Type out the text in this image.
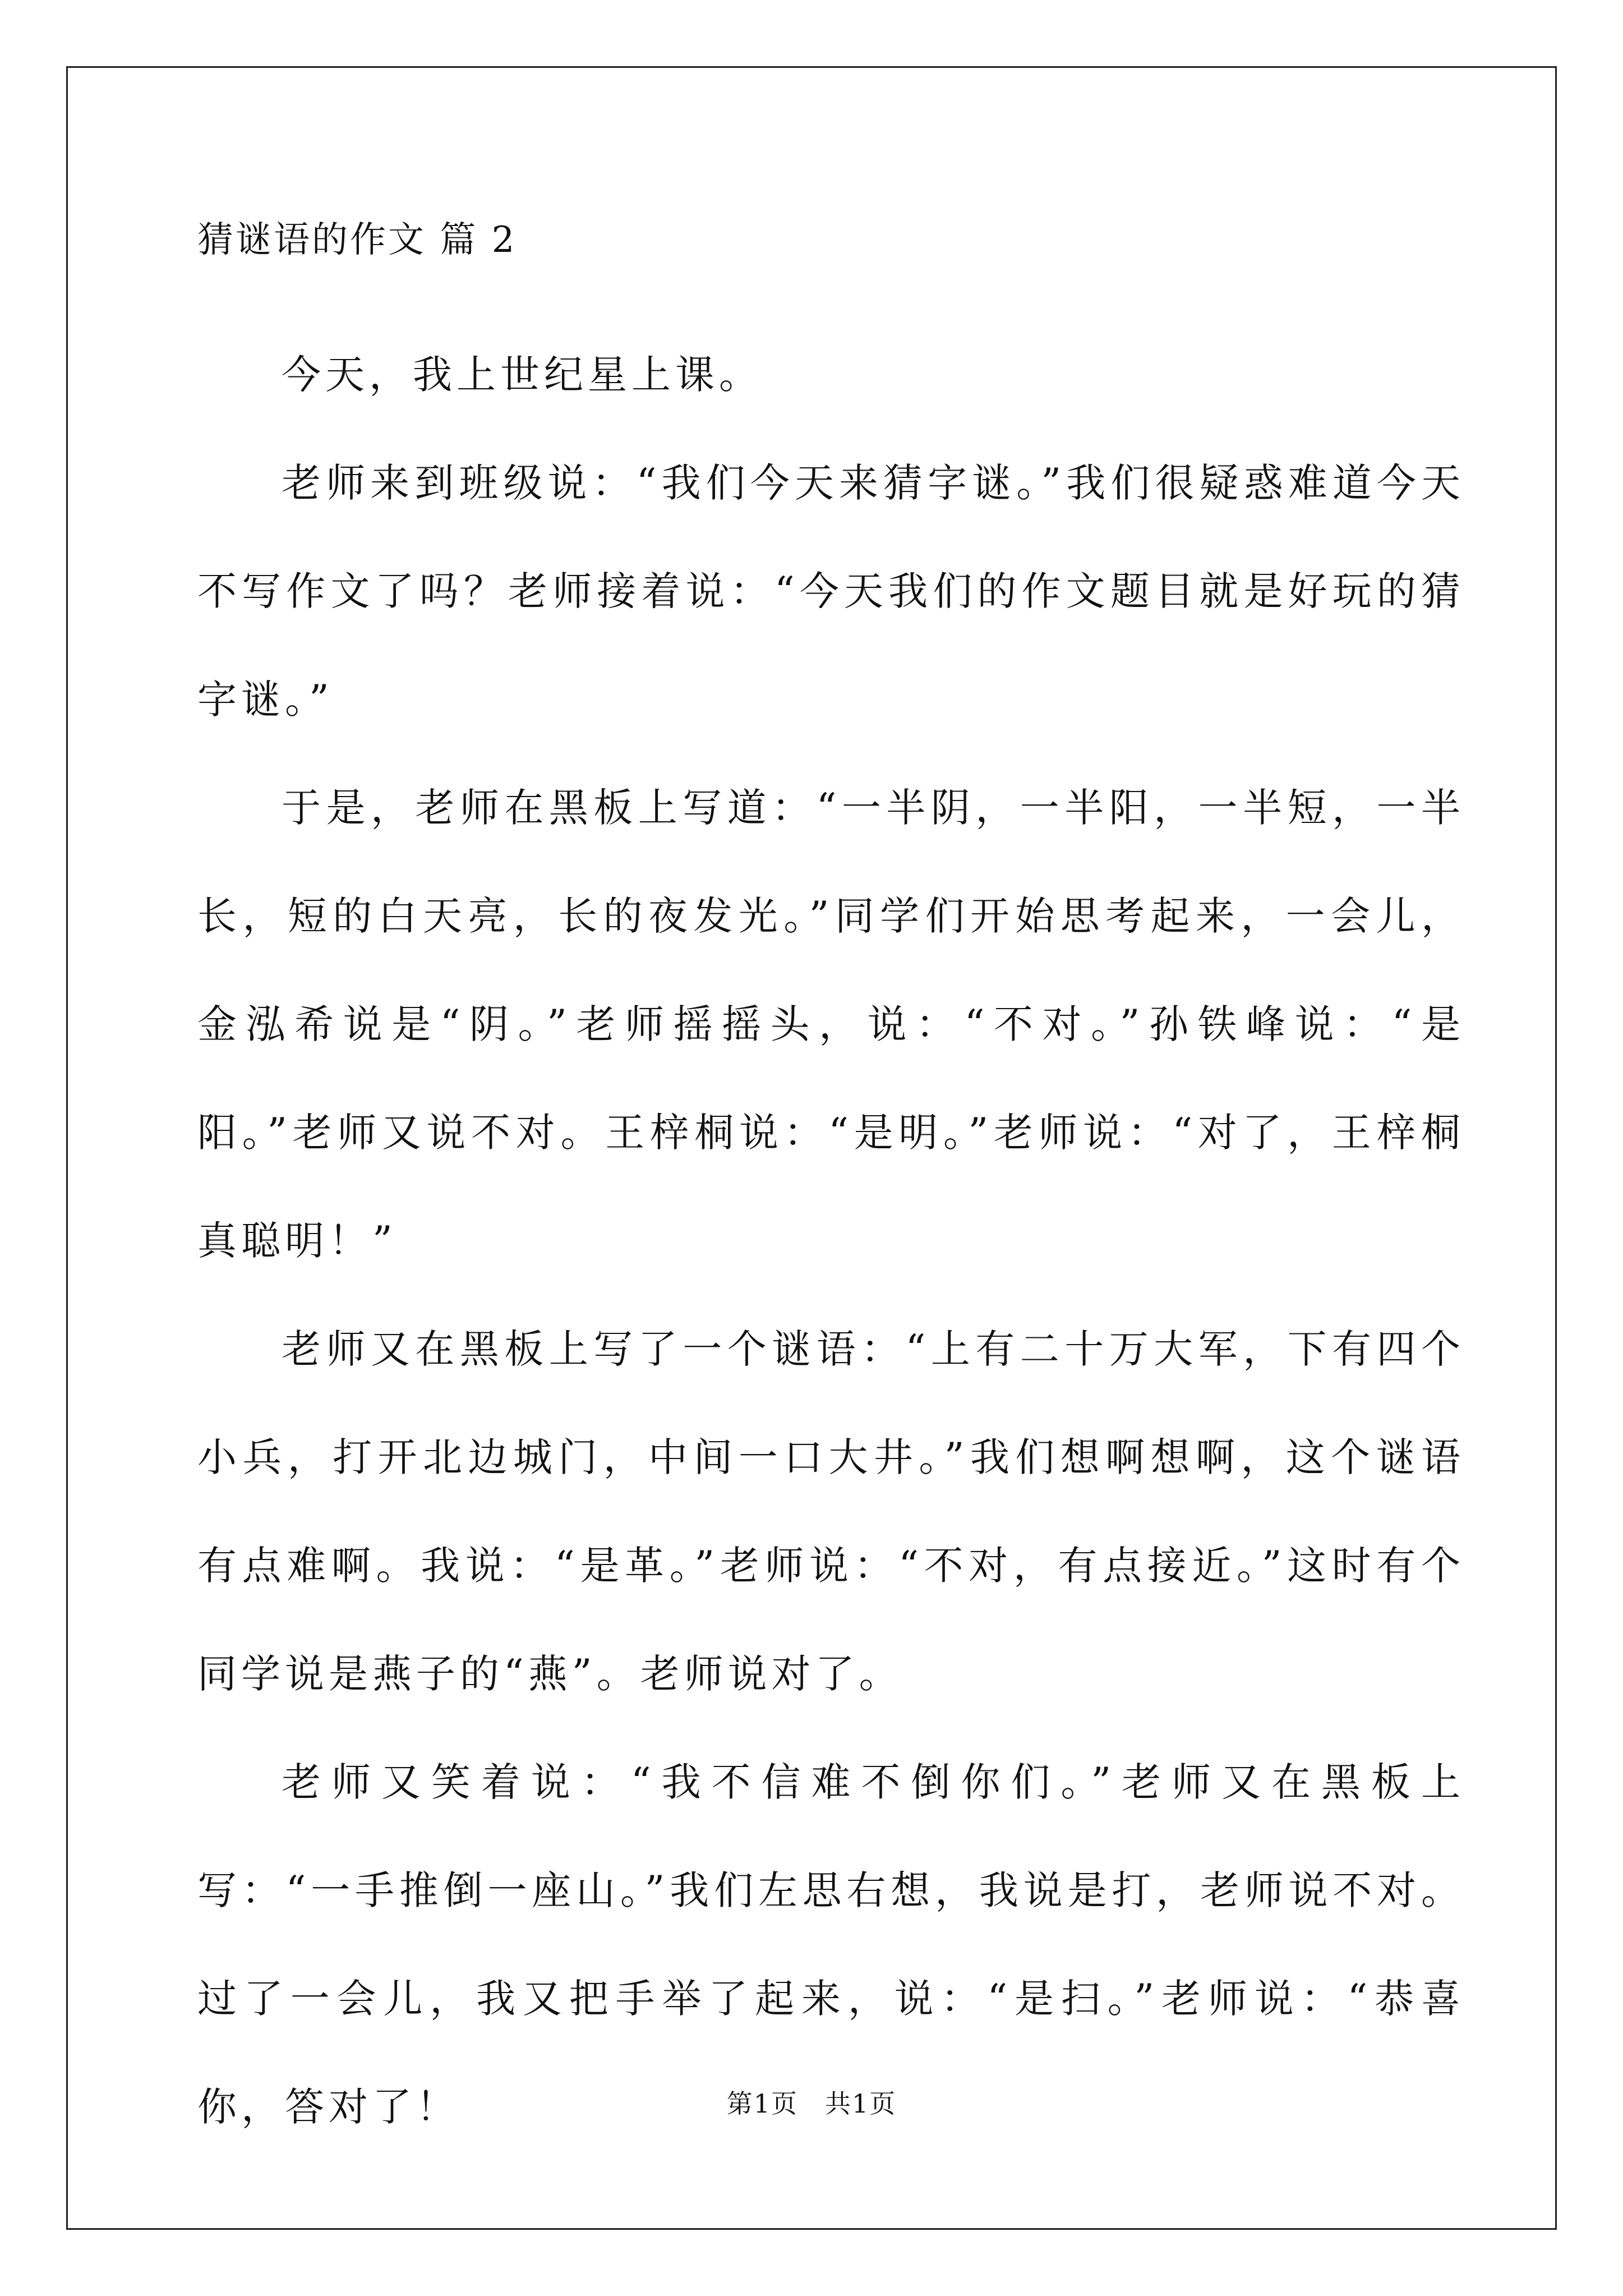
猜谜语的作文 篇 2

今天，我上世纪星上课。

老师来到班级说：“我们今天来猜字谜。”我们很疑惑难道今天不写作文了吗？老师接着说：“今天我们的作文题目就是好玩的猜字谜。”

于是，老师在黑板上写道：“一半阴，一半阳，一半短，一半长，短的白天亮，长的夜发光。”同学们开始思考起来，一会儿，金泓希说是“阴。”老师摇摇头，说：“不对。”孙铁峰说：“是阳。”老师又说不对。王梓桐说：“是明。”老师说：“对了，王梓桐真聪明！”

老师又在黑板上写了一个谜语：“上有二十万大军，下有四个小兵，打开北边城门，中间一口大井。”我们想啊想啊，这个谜语有点难啊。我说：“是革。”老师说：“不对，有点接近。”这时有个同学说是燕子的“燕”。老师说对了。

老师又笑着说：“我不信难不倒你们。”老师又在黑板上写：“一手推倒一座山。”我们左思右想，我说是打，老师说不对。过了一会儿，我又把手举了起来，说：“是扫。”老师说：“恭喜你，答对了！	第1页　共1页
